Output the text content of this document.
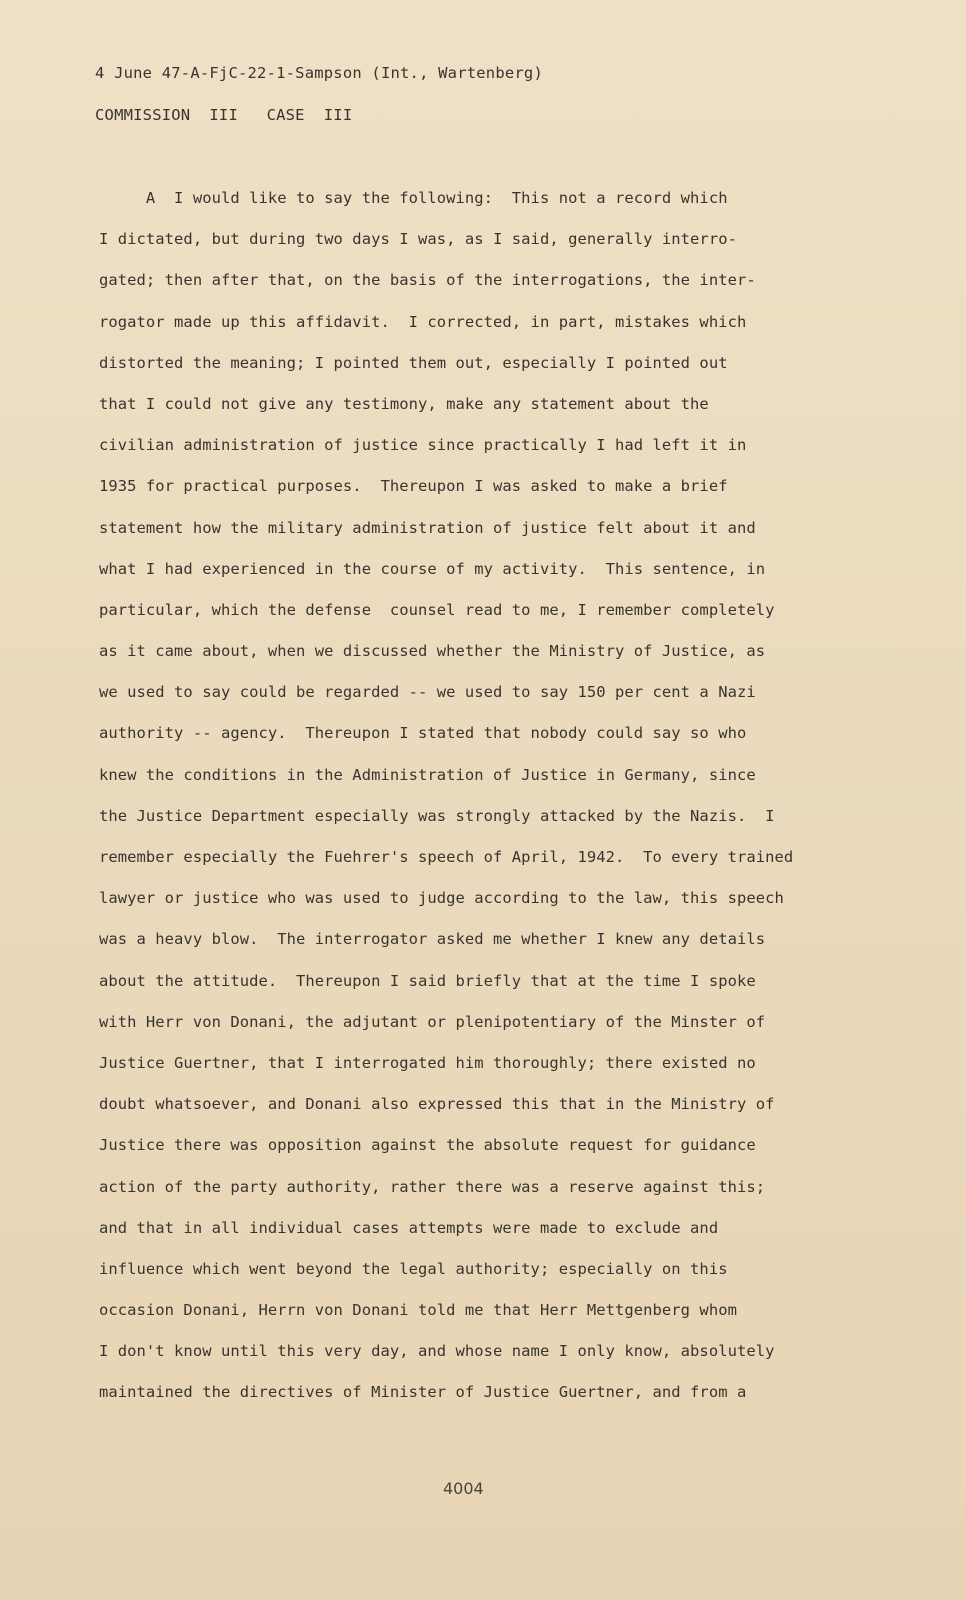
4 June 47-A-FjC-22-1-Sampson (Int., Wartenberg)
COMMISSION  III   CASE  III
A  I would like to say the following:  This not a record which
I dictated, but during two days I was, as I said, generally interro-
gated; then after that, on the basis of the interrogations, the inter-
rogator made up this affidavit.  I corrected, in part, mistakes which
distorted the meaning; I pointed them out, especially I pointed out
that I could not give any testimony, make any statement about the
civilian administration of justice since practically I had left it in
1935 for practical purposes.  Thereupon I was asked to make a brief
statement how the military administration of justice felt about it and
what I had experienced in the course of my activity.  This sentence, in
particular, which the defense  counsel read to me, I remember completely
as it came about, when we discussed whether the Ministry of Justice, as
we used to say could be regarded -- we used to say 150 per cent a Nazi
authority -- agency.  Thereupon I stated that nobody could say so who
knew the conditions in the Administration of Justice in Germany, since
the Justice Department especially was strongly attacked by the Nazis.  I
remember especially the Fuehrer's speech of April, 1942.  To every trained
lawyer or justice who was used to judge according to the law, this speech
was a heavy blow.  The interrogator asked me whether I knew any details
about the attitude.  Thereupon I said briefly that at the time I spoke
with Herr von Donani, the adjutant or plenipotentiary of the Minster of
Justice Guertner, that I interrogated him thoroughly; there existed no
doubt whatsoever, and Donani also expressed this that in the Ministry of
Justice there was opposition against the absolute request for guidance
action of the party authority, rather there was a reserve against this;
and that in all individual cases attempts were made to exclude and
influence which went beyond the legal authority; especially on this
occasion Donani, Herrn von Donani told me that Herr Mettgenberg whom
I don't know until this very day, and whose name I only know, absolutely
maintained the directives of Minister of Justice Guertner, and from a
4004
